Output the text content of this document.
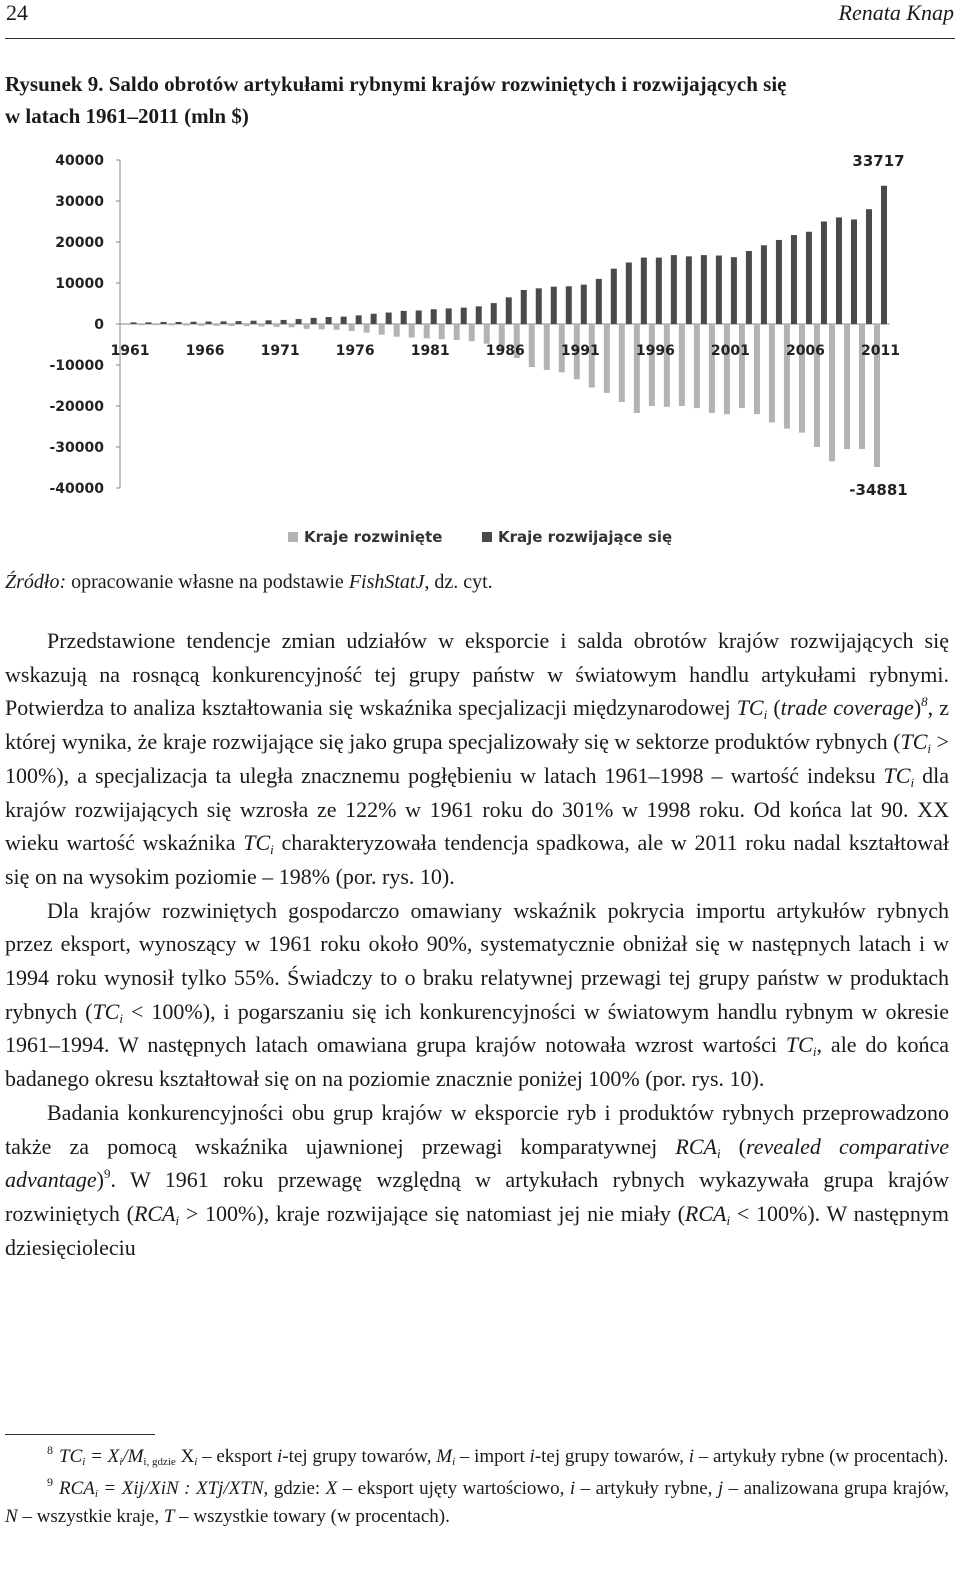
24	Renata Knap
Rysunek 9. Saldo obrotów artykułami rybnymi krajów rozwiniętych i rozwijających się
w latach 1961–2011 (mln $)
40000
30000
20000
10000
0
-10000
-20000
-30000
-40000
1961	1966	1971	1976	1981	1986	1991	1996	2001	2006	2011
33717
-34881
Kraje rozwinięte	Kraje rozwijające się
Źródło: opracowanie własne na podstawie FishStatJ, dz. cyt.

Przedstawione tendencje zmian udziałów w eksporcie i salda obrotów krajów rozwijających się wskazują na rosnącą konkurencyjność tej grupy państw w światowym handlu artykułami rybnymi. Potwierdza to analiza kształtowania się wskaźnika specjalizacji międzynarodowej $TC_i$ (trade coverage)$^8$, z której wynika, że kraje rozwijające się jako grupa specjalizowały się w sektorze produktów rybnych $(TC_i > 100\%)$, a specjalizacja ta uległa znacznemu pogłębieniu w latach 1961–1998 – wartość indeksu $TC_i$ dla krajów rozwijających się wzrosła ze 122% w 1961 roku do 301% w 1998 roku. Od końca lat 90. XX wieku wartość wskaźnika $TC_i$ charakteryzowała tendencja spadkowa, ale w 2011 roku nadal kształtował się on na wysokim poziomie – 198% (por. rys. 10).

Dla krajów rozwiniętych gospodarczo omawiany wskaźnik pokrycia importu artykułów rybnych przez eksport, wynoszący w 1961 roku około 90%, systematycznie obniżał się w następnych latach i w 1994 roku wynosił tylko 55%. Świadczy to o braku relatywnej przewagi tej grupy państw w produktach rybnych $(TC_i < 100\%)$, i pogarszaniu się ich konkurencyjności w światowym handlu rybnym w okresie 1961–1994. W następnych latach omawiana grupa krajów notowała wzrost wartości $TC_i$, ale do końca badanego okresu kształtował się on na poziomie znacznie poniżej 100% (por. rys. 10).

Badania konkurencyjności obu grup krajów w eksporcie ryb i produktów rybnych przeprowadzono także za pomocą wskaźnika ujawnionej przewagi komparatywnej $RCA_i$ (revealed comparative advantage)$^9$. W 1961 roku przewagę względną w artykułach rybnych wykazywała grupa krajów rozwiniętych $(RCA_i > 100\%)$, kraje rozwijające się natomiast jej nie miały $(RCA_i < 100\%)$. W następnym dziesięcioleciu

$^8$ $TC_i = X_i/M_{i, gdzie}$ $X_i$ – eksport i-tej grupy towarów, $M_i$ – import i-tej grupy towarów, i – artykuły rybne (w procentach).

$^9$ $RCA_i = Xij/XiN$ : XTj/XTN, gdzie: X – eksport ujęty wartościowo, i – artykuły rybne, j – analizowana grupa krajów, N – wszystkie kraje, T – wszystkie towary (w procentach).
